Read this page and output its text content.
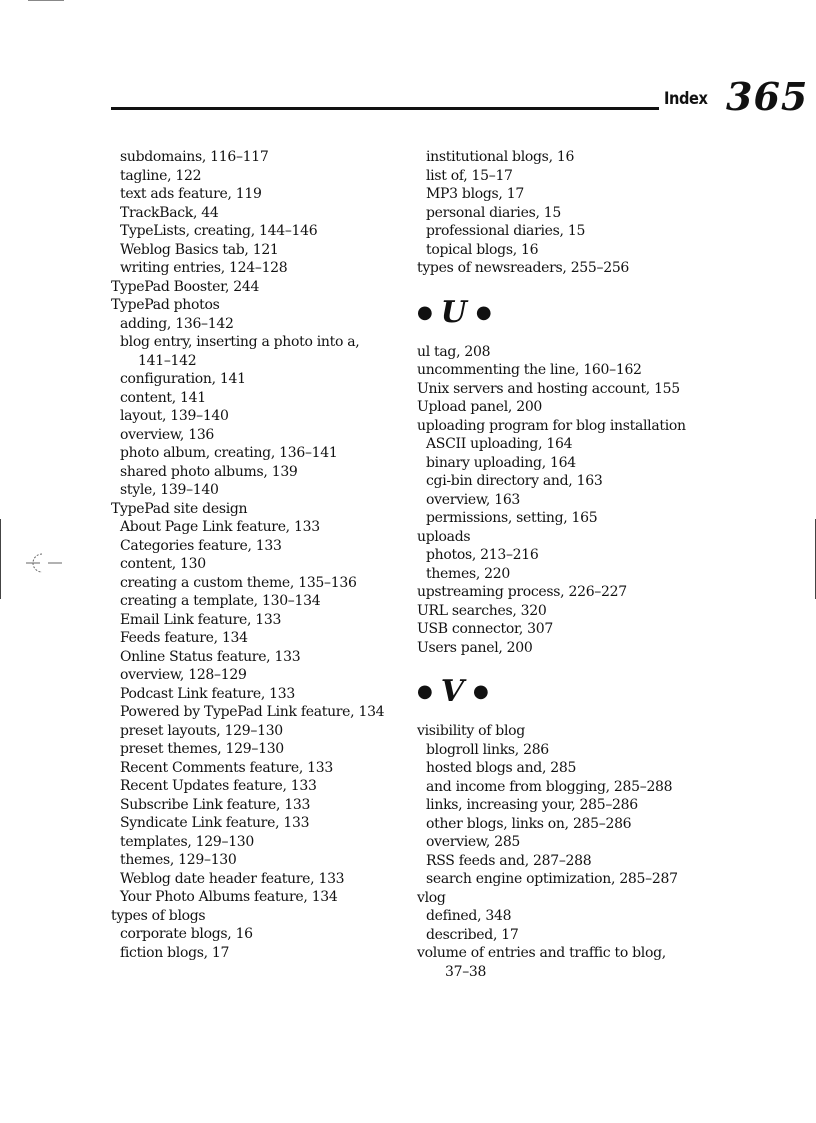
Index 365
subdomains, 116–117
tagline, 122
text ads feature, 119
TrackBack, 44
TypeLists, creating, 144–146
Weblog Basics tab, 121
writing entries, 124–128
TypePad Booster, 244
TypePad photos
adding, 136–142
blog entry, inserting a photo into a,
141–142
configuration, 141
content, 141
layout, 139–140
overview, 136
photo album, creating, 136–141
shared photo albums, 139
style, 139–140
TypePad site design
About Page Link feature, 133
Categories feature, 133
content, 130
creating a custom theme, 135–136
creating a template, 130–134
Email Link feature, 133
Feeds feature, 134
Online Status feature, 133
overview, 128–129
Podcast Link feature, 133
Powered by TypePad Link feature, 134
preset layouts, 129–130
preset themes, 129–130
Recent Comments feature, 133
Recent Updates feature, 133
Subscribe Link feature, 133
Syndicate Link feature, 133
templates, 129–130
themes, 129–130
Weblog date header feature, 133
Your Photo Albums feature, 134
types of blogs
corporate blogs, 16
fiction blogs, 17
institutional blogs, 16
list of, 15–17
MP3 blogs, 17
personal diaries, 15
professional diaries, 15
topical blogs, 16
types of newsreaders, 255–256
● U ●
ul tag, 208
uncommenting the line, 160–162
Unix servers and hosting account, 155
Upload panel, 200
uploading program for blog installation
ASCII uploading, 164
binary uploading, 164
cgi-bin directory and, 163
overview, 163
permissions, setting, 165
uploads
photos, 213–216
themes, 220
upstreaming process, 226–227
URL searches, 320
USB connector, 307
Users panel, 200
● V ●
visibility of blog
blogroll links, 286
hosted blogs and, 285
and income from blogging, 285–288
links, increasing your, 285–286
other blogs, links on, 285–286
overview, 285
RSS feeds and, 287–288
search engine optimization, 285–287
vlog
defined, 348
described, 17
volume of entries and traffic to blog,
37–38
